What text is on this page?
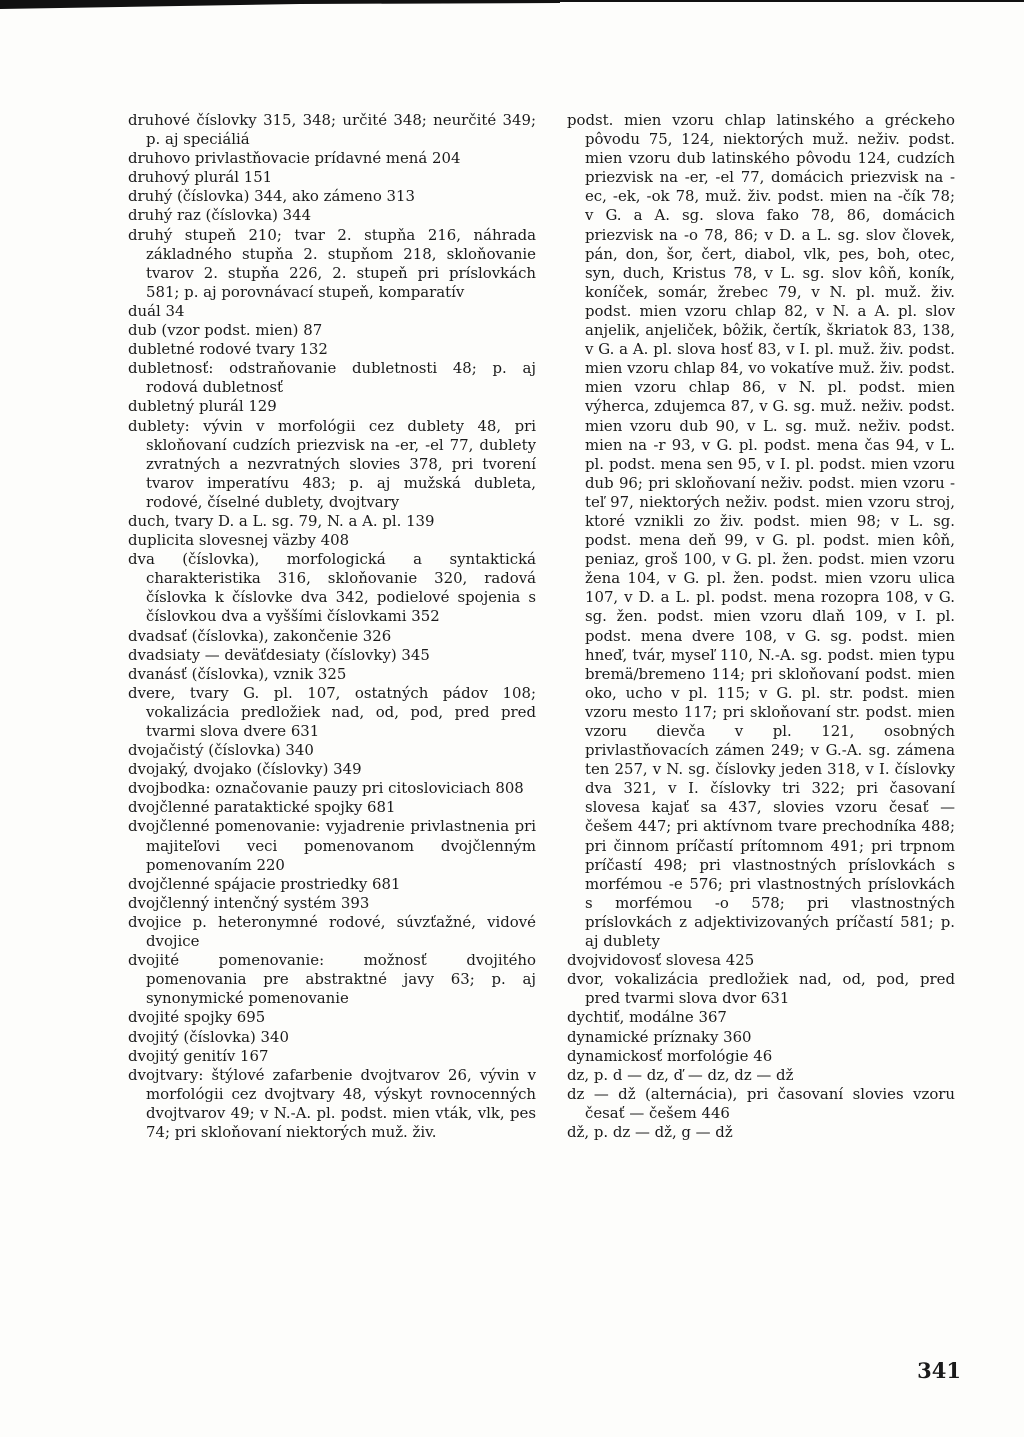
druhové číslovky 315, 348; určité 348; neurčité 349; p. aj speciáliá

druhovo privlastňovacie prídavné mená 204

druhový plurál 151

druhý (číslovka) 344, ako zámeno 313

druhý raz (číslovka) 344

druhý stupeň 210; tvar 2. stupňa 216, náhrada základného stupňa 2. stupňom 218, skloňovanie tvarov 2. stupňa 226, 2. stupeň pri príslovkách 581; p. aj porovnávací stupeň, komparatív

duál 34

dub (vzor podst. mien) 87

dubletné rodové tvary 132

dubletnosť: odstraňovanie dubletnosti 48; p. aj rodová dubletnosť

dubletný plurál 129

dublety: vývin v morfológii cez dublety 48, pri skloňovaní cudzích priezvisk na -er, -el 77, dublety zvratných a nezvratných slovies 378, pri tvorení tvarov imperatívu 483; p. aj mužská dubleta, rodové, číselné dublety, dvojtvary

duch, tvary D. a L. sg. 79, N. a A. pl. 139

duplicita slovesnej väzby 408

dva (číslovka), morfologická a syntaktická charakteristika 316, skloňovanie 320, radová číslovka k číslovke dva 342, podielové spojenia s číslovkou dva a vyššími číslovkami 352

dvadsať (číslovka), zakončenie 326

dvadsiaty — deväťdesiaty (číslovky) 345

dvanásť (číslovka), vznik 325

dvere, tvary G. pl. 107, ostatných pádov 108; vokalizácia predložiek nad, od, pod, pred pred tvarmi slova dvere 631

dvojačistý (číslovka) 340

dvojaký, dvojako (číslovky) 349

dvojbodka: označovanie pauzy pri citosloviciach 808

dvojčlenné parataktické spojky 681

dvojčlenné pomenovanie: vyjadrenie privlastnenia pri majiteľovi veci pomenovanom dvojčlenným pomenovaním 220

dvojčlenné spájacie prostriedky 681

dvojčlenný intenčný systém 393

dvojice p. heteronymné rodové, súvzťažné, vidové dvojice

dvojité pomenovanie: možnosť dvojitého pomenovania pre abstraktné javy 63; p. aj synonymické pomenovanie

dvojité spojky 695

dvojitý (číslovka) 340

dvojitý genitív 167

dvojtvary: štýlové zafarbenie dvojtvarov 26, vývin v morfológii cez dvojtvary 48, výskyt rovnocenných dvojtvarov 49; v N.-A. pl. podst. mien vták, vlk, pes 74; pri skloňovaní niektorých muž. živ.

podst. mien vzoru chlap latinského a gréckeho pôvodu 75, 124, niektorých muž. neživ. podst. mien vzoru dub latinského pôvodu 124, cudzích priezvisk na -er, -el 77, domácich priezvisk na -ec, -ek, -ok 78, muž. živ. podst. mien na -čík 78; v G. a A. sg. slova fako 78, 86, domácich priezvisk na -o 78, 86; v D. a L. sg. slov človek, pán, don, šor, čert, diabol, vlk, pes, boh, otec, syn, duch, Kristus 78, v L. sg. slov kôň, koník, koníček, somár, žrebec 79, v N. pl. muž. živ. podst. mien vzoru chlap 82, v N. a A. pl. slov anjelik, anjeliček, bôžik, čertík, škriatok 83, 138, v G. a A. pl. slova hosť 83, v I. pl. muž. živ. podst. mien vzoru chlap 84, vo vokatíve muž. živ. podst. mien vzoru chlap 86, v N. pl. podst. mien výherca, zdujemca 87, v G. sg. muž. neživ. podst. mien vzoru dub 90, v L. sg. muž. neživ. podst. mien na -r 93, v G. pl. podst. mena čas 94, v L. pl. podst. mena sen 95, v I. pl. podst. mien vzoru dub 96; pri skloňovaní neživ. podst. mien vzoru -teľ 97, niektorých neživ. podst. mien vzoru stroj, ktoré vznikli zo živ. podst. mien 98; v L. sg. podst. mena deň 99, v G. pl. podst. mien kôň, peniaz, groš 100, v G. pl. žen. podst. mien vzoru žena 104, v G. pl. žen. podst. mien vzoru ulica 107, v D. a L. pl. podst. mena rozopra 108, v G. sg. žen. podst. mien vzoru dlaň 109, v I. pl. podst. mena dvere 108, v G. sg. podst. mien hneď, tvár, myseľ 110, N.-A. sg. podst. mien typu bremä/bremeno 114; pri skloňovaní podst. mien oko, ucho v pl. 115; v G. pl. str. podst. mien vzoru mesto 117; pri skloňovaní str. podst. mien vzoru dievča v pl. 121, osobných privlastňovacích zámen 249; v G.-A. sg. zámena ten 257, v N. sg. číslovky jeden 318, v I. číslovky dva 321, v I. číslovky tri 322; pri časovaní slovesa kajať sa 437, slovies vzoru česať — češem 447; pri aktívnom tvare prechodníka 488; pri činnom príčastí prítomnom 491; pri trpnom príčastí 498; pri vlastnostných príslovkách s morfémou -e 576; pri vlastnostných príslovkách s morfémou -o 578; pri vlastnostných príslovkách z adjektivizovaných príčastí 581; p. aj dublety

dvojvidovosť slovesa 425

dvor, vokalizácia predložiek nad, od, pod, pred pred tvarmi slova dvor 631

dychtiť, modálne 367

dynamické príznaky 360

dynamickosť morfológie 46

dz, p. d — dz, ď — dz, dz — dž

dz — dž (alternácia), pri časovaní slovies vzoru česať — češem 446

dž, p. dz — dž, g — dž

341
